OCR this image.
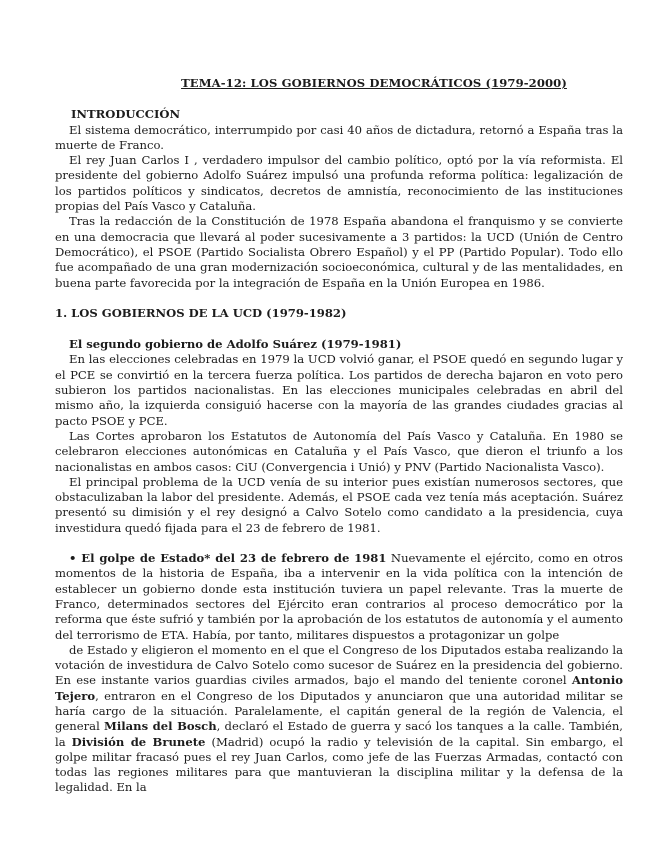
TEMA-12: LOS GOBIERNOS DEMOCRÁTICOS (1979-2000)
INTRODUCCIÓN

El sistema democrático, interrumpido por casi 40 años de dictadura, retornó a España tras la muerte de Franco.

El rey Juan Carlos I , verdadero impulsor del cambio político, optó por la vía reformista. El presidente del gobierno Adolfo Suárez impulsó una profunda reforma política: legalización de los partidos políticos y sindicatos, decretos de amnistía, reconocimiento de las instituciones propias del País Vasco y Cataluña.

Tras la redacción de la Constitución de 1978 España abandona el franquismo y se convierte en una democracia que llevará al poder sucesivamente a 3 partidos: la UCD (Unión de Centro Democrático), el PSOE (Partido Socialista Obrero Español) y el PP (Partido Popular). Todo ello fue acompañado de una gran modernización socioeconómica, cultural y de las mentalidades, en buena parte favorecida por la integración de España en la Unión Europea en 1986.

1. LOS GOBIERNOS DE LA UCD (1979-1982)
El segundo gobierno de Adolfo Suárez (1979-1981)

En las elecciones celebradas en 1979 la UCD volvió ganar, el PSOE quedó en segundo lugar y el PCE se convirtió en la tercera fuerza política. Los partidos de derecha bajaron en voto pero subieron los partidos nacionalistas. En las elecciones municipales celebradas en abril del mismo año, la izquierda consiguió hacerse con la mayoría de las grandes ciudades gracias al pacto PSOE y PCE.

Las Cortes aprobaron los Estatutos de Autonomía del País Vasco y Cataluña. En 1980 se celebraron elecciones autonómicas en Cataluña y el País Vasco, que dieron el triunfo a los nacionalistas en ambos casos: CiU (Convergencia i Unió) y PNV (Partido Nacionalista Vasco).

El principal problema de la UCD venía de su interior pues existían numerosos sectores, que obstaculizaban la labor del presidente. Además, el PSOE cada vez tenía más aceptación. Suárez presentó su dimisión y el rey designó a Calvo Sotelo como candidato a la presidencia, cuya investidura quedó fijada para el 23 de febrero de 1981.

• El golpe de Estado* del 23 de febrero de 1981 Nuevamente el ejército, como en otros momentos de la historia de España, iba a intervenir en la vida política con la intención de establecer un gobierno donde esta institución tuviera un papel relevante. Tras la muerte de Franco, determinados sectores del Ejército eran contrarios al proceso democrático por la reforma que éste sufrió y también por la aprobación de los estatutos de autonomía y el aumento del terrorismo de ETA. Había, por tanto, militares dispuestos a protagonizar un golpe

de Estado y eligieron el momento en el que el Congreso de los Diputados estaba realizando la votación de investidura de Calvo Sotelo como sucesor de Suárez en la presidencia del gobierno. En ese instante varios guardias civiles armados, bajo el mando del teniente coronel Antonio Tejero, entraron en el Congreso de los Diputados y anunciaron que una autoridad militar se haría cargo de la situación. Paralelamente, el capitán general de la región de Valencia, el general Milans del Bosch, declaró el Estado de guerra y sacó los tanques a la calle. También, la División de Brunete (Madrid) ocupó la radio y televisión de la capital. Sin embargo, el golpe militar fracasó pues el rey Juan Carlos, como jefe de las Fuerzas Armadas, contactó con todas las regiones militares para que mantuvieran la disciplina militar y la defensa de la legalidad. En la
